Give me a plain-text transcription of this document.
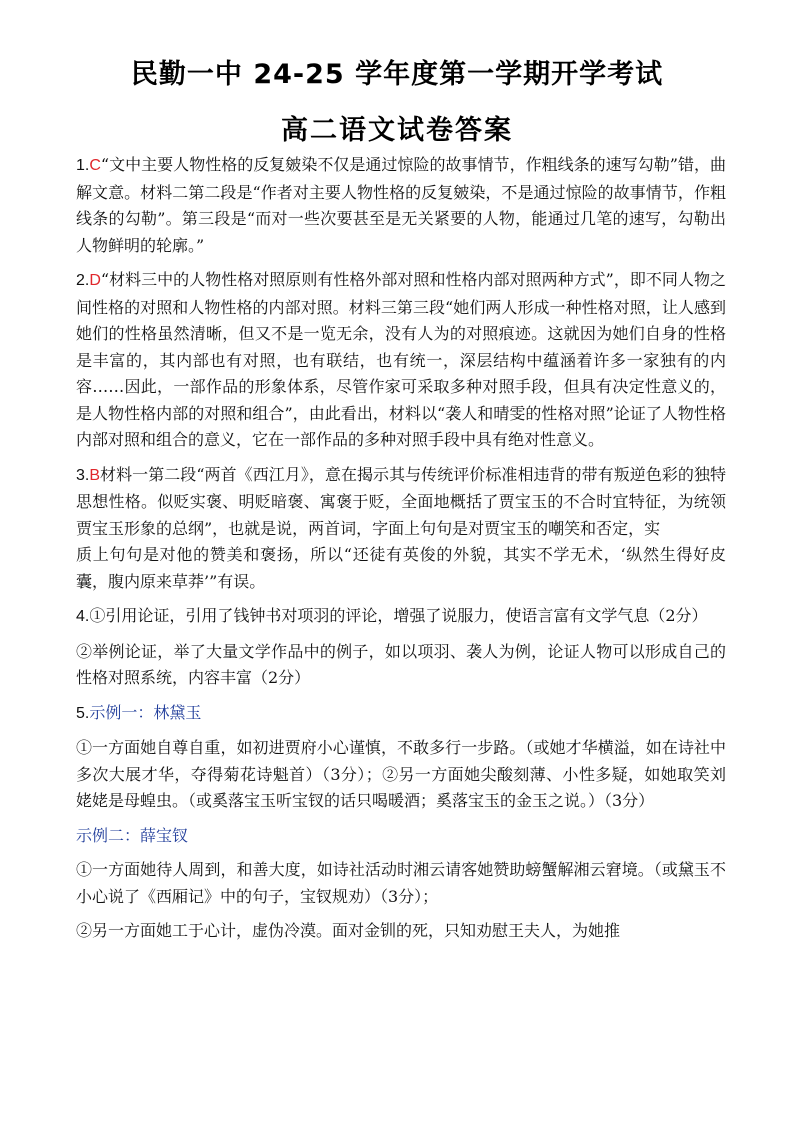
民勤一中 24-25 学年度第一学期开学考试
高二语文试卷答案

1.C“文中主要人物性格的反复皴染不仅是通过惊险的故事情节，作粗线条的速写勾勒”错，曲解文意。材料二第二段是“作者对主要人物性格的反复皴染，不是通过惊险的故事情节，作粗线条的勾勒”。第三段是“而对一些次要甚至是无关紧要的人物，能通过几笔的速写，勾勒出人物鲜明的轮廓。”

2.D“材料三中的人物性格对照原则有性格外部对照和性格内部对照两种方式”，即不同人物之间性格的对照和人物性格的内部对照。材料三第三段“她们两人形成一种性格对照，让人感到她们的性格虽然清晰，但又不是一览无余，没有人为的对照痕迹。这就因为她们自身的性格是丰富的，其内部也有对照，也有联结，也有统一，深层结构中蕴涵着许多一家独有的内容……因此，一部作品的形象体系，尽管作家可采取多种对照手段，但具有决定性意义的，是人物性格内部的对照和组合”，由此看出，材料以“袭人和晴雯的性格对照”论证了人物性格内部对照和组合的意义，它在一部作品的多种对照手段中具有绝对性意义。

3.B材料一第二段“两首《西江月》，意在揭示其与传统评价标准相违背的带有叛逆色彩的独特思想性格。似贬实褒、明贬暗褒、寓褒于贬，全面地概括了贾宝玉的不合时宜特征，为统领贾宝玉形象的总纲”，也就是说，两首词，字面上句句是对贾宝玉的嘲笑和否定，实
质上句句是对他的赞美和褒扬，所以“还徒有英俊的外貌，其实不学无术，‘纵然生得好皮囊，腹内原来草莽’”有误。

4.①引用论证，引用了钱钟书对项羽的评论，增强了说服力，使语言富有文学气息（2分）

②举例论证，举了大量文学作品中的例子，如以项羽、袭人为例，论证人物可以形成自己的性格对照系统，内容丰富（2分）

5.示例一：林黛玉

①一方面她自尊自重，如初进贾府小心谨慎，不敢多行一步路。（或她才华横溢，如在诗社中多次大展才华，夺得菊花诗魁首）（3分）；②另一方面她尖酸刻薄、小性多疑，如她取笑刘姥姥是母蝗虫。（或奚落宝玉听宝钗的话只喝暖酒；奚落宝玉的金玉之说。）（3分）

示例二：薛宝钗

①一方面她待人周到，和善大度，如诗社活动时湘云请客她赞助螃蟹解湘云窘境。（或黛玉不小心说了《西厢记》中的句子，宝钗规劝）（3分）；

②另一方面她工于心计，虚伪冷漠。面对金钏的死，只知劝慰王夫人，为她推
